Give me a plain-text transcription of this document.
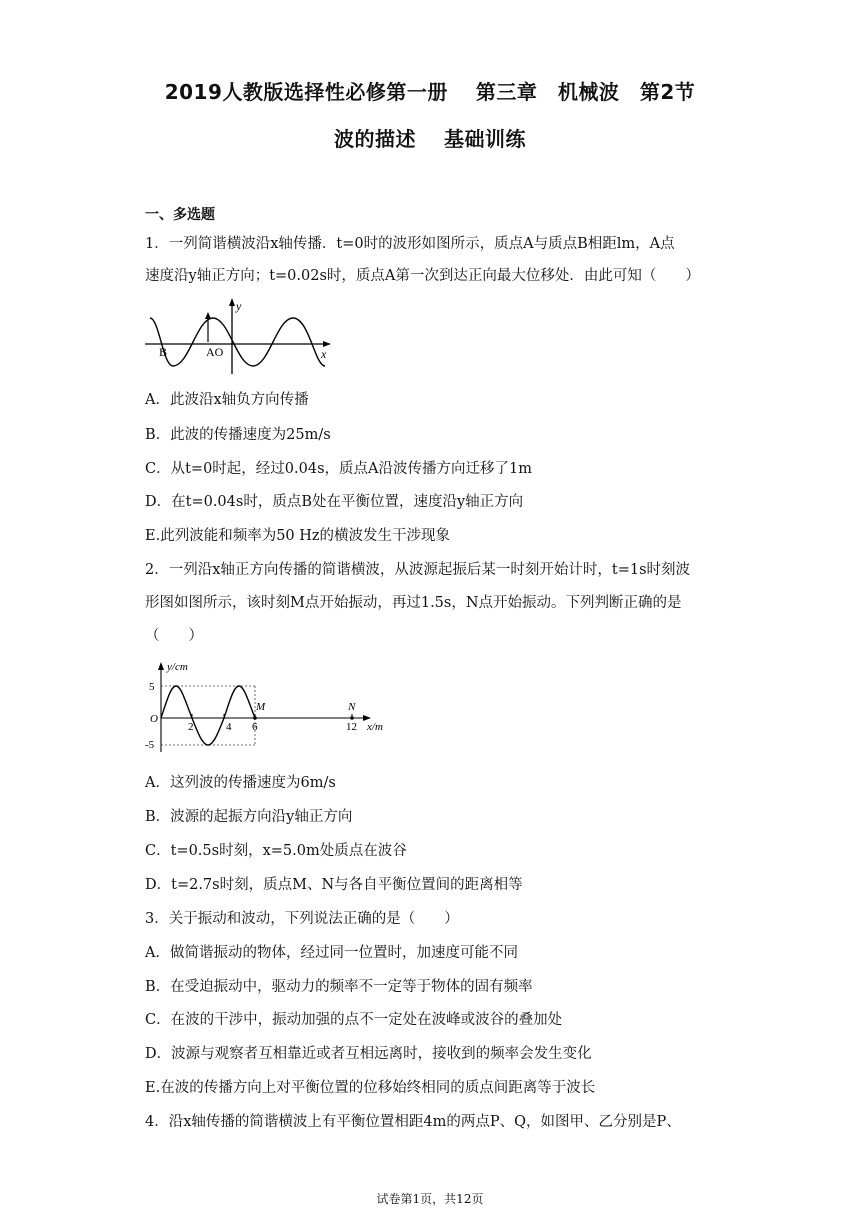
2019人教版选择性必修第一册　 第三章　机械波　第2节
波的描述　 基础训练
一、多选题
1．一列简谐横波沿x轴传播．t=0时的波形如图所示，质点A与质点B相距lm，A点
速度沿y轴正方向；t=0.02s时，质点A第一次到达正向最大位移处．由此可知（　　）
y
x
B	AO
A．此波沿x轴负方向传播
B．此波的传播速度为25m/s
C．从t=0时起，经过0.04s，质点A沿波传播方向迁移了1m
D．在t=0.04s时，质点B处在平衡位置，速度沿y轴正方向
E.此列波能和频率为50 Hz的横波发生干涉现象
2．一列沿x轴正方向传播的简谐横波，从波源起振后某一时刻开始计时，t=1s时刻波
形图如图所示，该时刻M点开始振动，再过1.5s，N点开始振动。下列判断正确的是
（　　）
y/cm
5
-5
O
2	4 6	12
M	N
x/m
A．这列波的传播速度为6m/s
B．波源的起振方向沿y轴正方向
C．t=0.5s时刻，x=5.0m处质点在波谷
D．t=2.7s时刻，质点M、N与各自平衡位置间的距离相等
3．关于振动和波动，下列说法正确的是（　　）
A．做简谐振动的物体，经过同一位置时，加速度可能不同
B．在受迫振动中，驱动力的频率不一定等于物体的固有频率
C．在波的干涉中，振动加强的点不一定处在波峰或波谷的叠加处
D．波源与观察者互相靠近或者互相远离时，接收到的频率会发生变化
E.在波的传播方向上对平衡位置的位移始终相同的质点间距离等于波长
4．沿x轴传播的简谐横波上有平衡位置相距4m的两点P、Q，如图甲、乙分别是P、
试卷第1页，共12页
